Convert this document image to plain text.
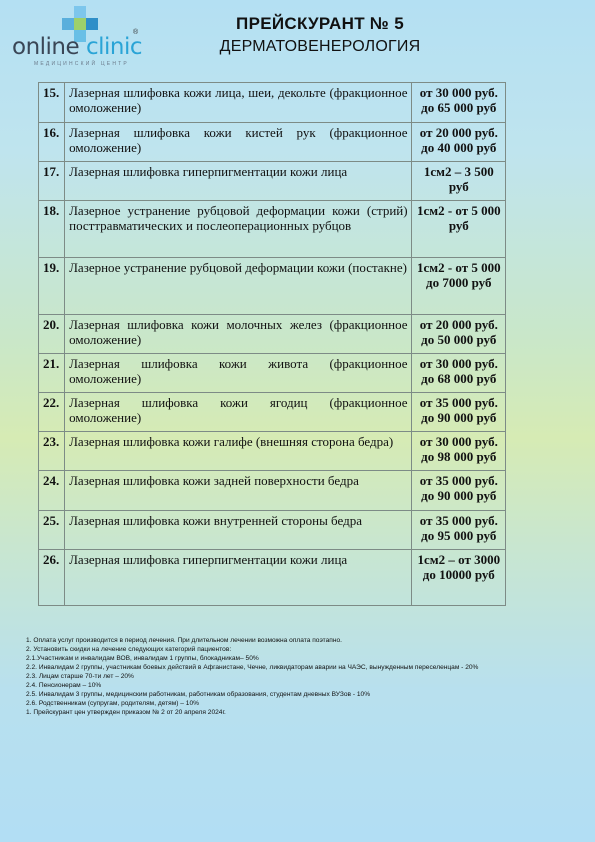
online clinic
®
МЕДИЦИНСКИЙ ЦЕНТР
ПРЕЙСКУРАНТ № 5
ДЕРМАТОВЕНЕРОЛОГИЯ
15.	Лазерная шлифовка кожи лица, шеи, декольте (фракционное омоложение)	от 30 000 руб. до 65 000 руб
16.	Лазерная шлифовка кожи кистей рук (фракционное омоложение)	от 20 000 руб. до 40 000 руб
17.	Лазерная шлифовка гиперпигментации кожи лица	1см2 – 3 500 руб
18.	Лазерное устранение рубцовой деформации кожи (стрий) посттравматических и послеоперационных рубцов	1см2 - от 5 000 руб
19.	Лазерное устранение рубцовой деформации кожи (постакне)	1см2 - от 5 000 до 7000 руб
20.	Лазерная шлифовка кожи молочных желез (фракционное омоложение)	от 20 000 руб. до 50 000 руб
21.	Лазерная шлифовка кожи живота (фракционное омоложение)	от 30 000 руб. до 68 000 руб
22.	Лазерная шлифовка кожи ягодиц (фракционное омоложение)	от 35 000 руб. до 90 000 руб
23.	Лазерная шлифовка кожи галифе (внешняя сторона бедра)	от 30 000 руб. до 98 000 руб
24.	Лазерная шлифовка кожи задней поверхности бедра	от 35 000 руб. до 90 000 руб
25.	Лазерная шлифовка кожи внутренней стороны бедра	от 35 000 руб. до 95 000 руб
26.	Лазерная шлифовка гиперпигментации кожи лица	1см2 – от 3000 до 10000 руб
1. Оплата услуг производится в период лечения. При длительном лечении возможна оплата поэтапно.
2. Установить скидки на лечение следующих категорий пациентов:
2.1.Участникам и инвалидам ВОВ, инвалидам 1 группы, блокадникам– 50%
2.2. Инвалидам 2 группы, участникам боевых действий в Афганистане, Чечне, ликвидаторам аварии на ЧАЭС, вынужденным переселенцам - 20%
2.3. Лицам старше 70-ти лет – 20%
2.4. Пенсионерам – 10%
2.5. Инвалидам 3 группы, медицинским работникам, работникам образования, студентам дневных ВУЗов - 10%
2.6. Родственникам (супругам, родителям, детям) – 10%
1. Прейскурант цен утвержден приказом № 2 от 20 апреля 2024г.
